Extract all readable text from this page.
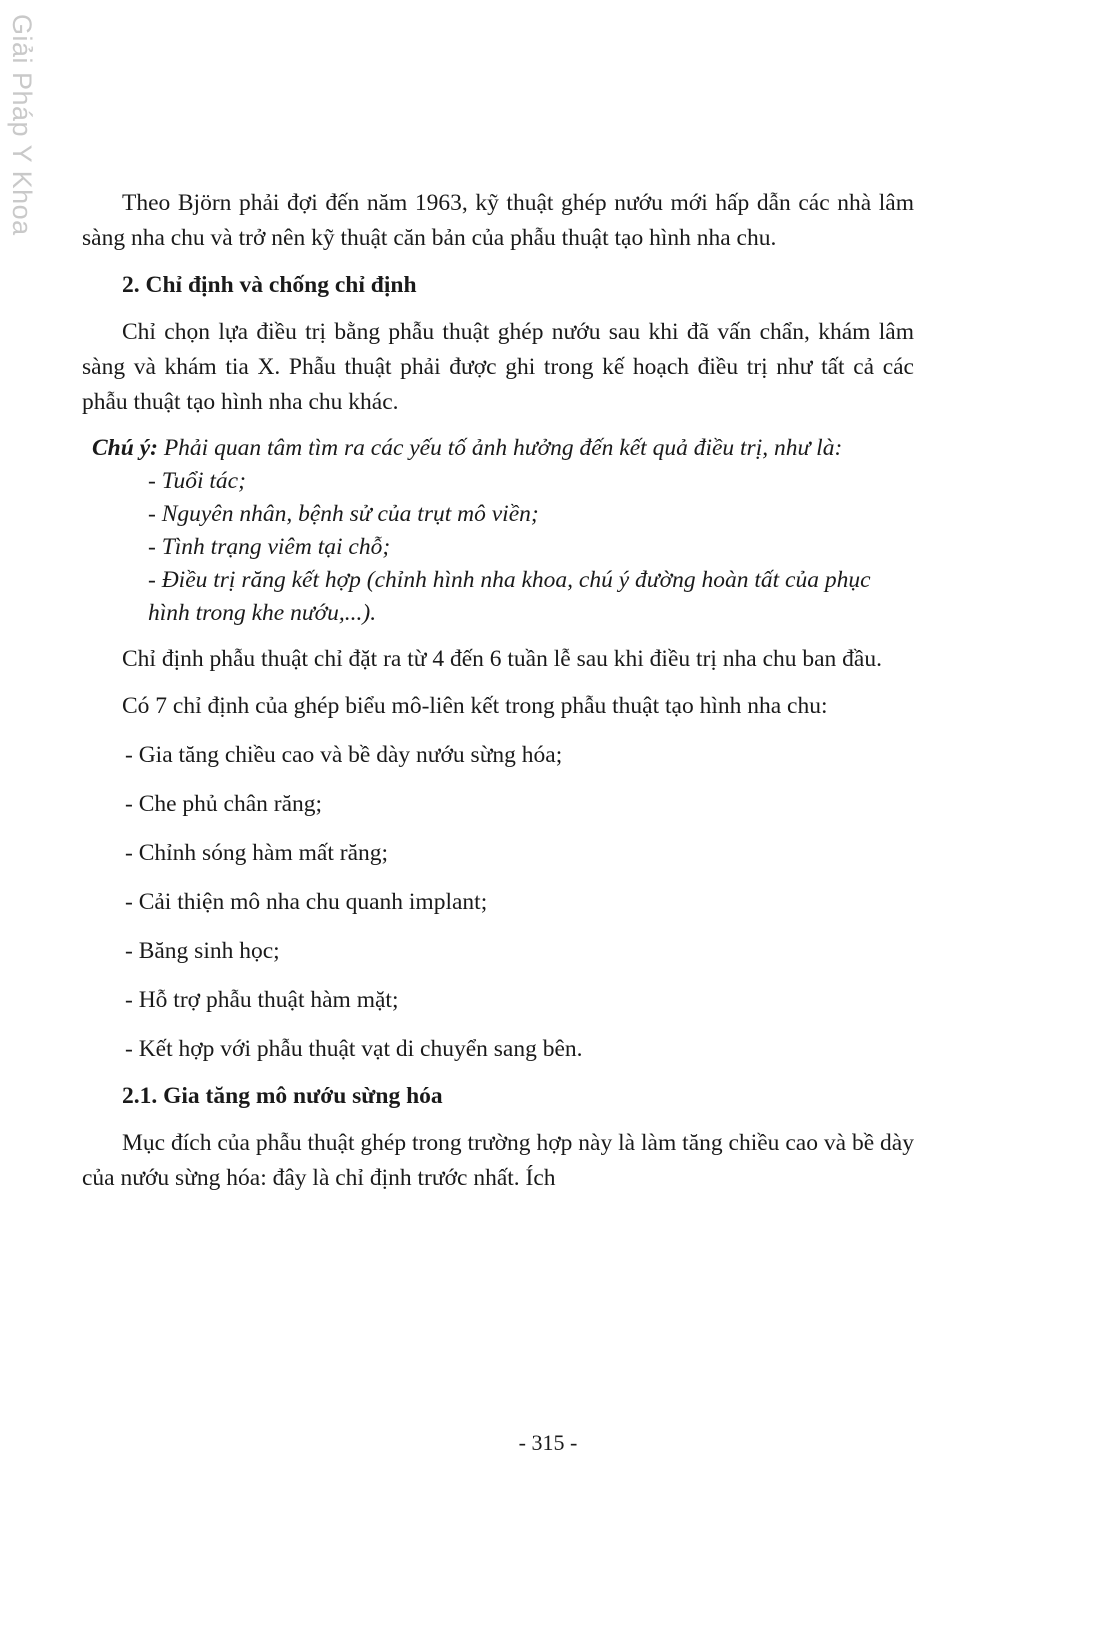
Giải Pháp Y Khoa	Theo Björn phải đợi đến năm 1963, kỹ thuật ghép nướu mới hấp dẫn các nhà lâm sàng nha chu và trở nên kỹ thuật căn bản của phẫu thuật tạo hình nha chu.

2. Chỉ định và chống chỉ định

Chỉ chọn lựa điều trị bằng phẫu thuật ghép nướu sau khi đã vấn chẩn, khám lâm sàng và khám tia X. Phẫu thuật phải được ghi trong kế hoạch điều trị như tất cả các phẫu thuật tạo hình nha chu khác.

Chú ý: Phải quan tâm tìm ra các yếu tố ảnh hưởng đến kết quả điều trị, như là:

- Tuổi tác;
- Nguyên nhân, bệnh sử của trụt mô viền;
- Tình trạng viêm tại chỗ;
- Điều trị răng kết hợp (chỉnh hình nha khoa, chú ý đường hoàn tất của phục hình trong khe nướu,...).

Chỉ định phẫu thuật chỉ đặt ra từ 4 đến 6 tuần lễ sau khi điều trị nha chu ban đầu.

Có 7 chỉ định của ghép biểu mô-liên kết trong phẫu thuật tạo hình nha chu:

- Gia tăng chiều cao và bề dày nướu sừng hóa;
- Che phủ chân răng;
- Chỉnh sóng hàm mất răng;
- Cải thiện mô nha chu quanh implant;
- Băng sinh học;
- Hỗ trợ phẫu thuật hàm mặt;
- Kết hợp với phẫu thuật vạt di chuyển sang bên.

2.1. Gia tăng mô nướu sừng hóa

Mục đích của phẫu thuật ghép trong trường hợp này là làm tăng chiều cao và bề dày của nướu sừng hóa: đây là chỉ định trước nhất. Ích

- 315 -
